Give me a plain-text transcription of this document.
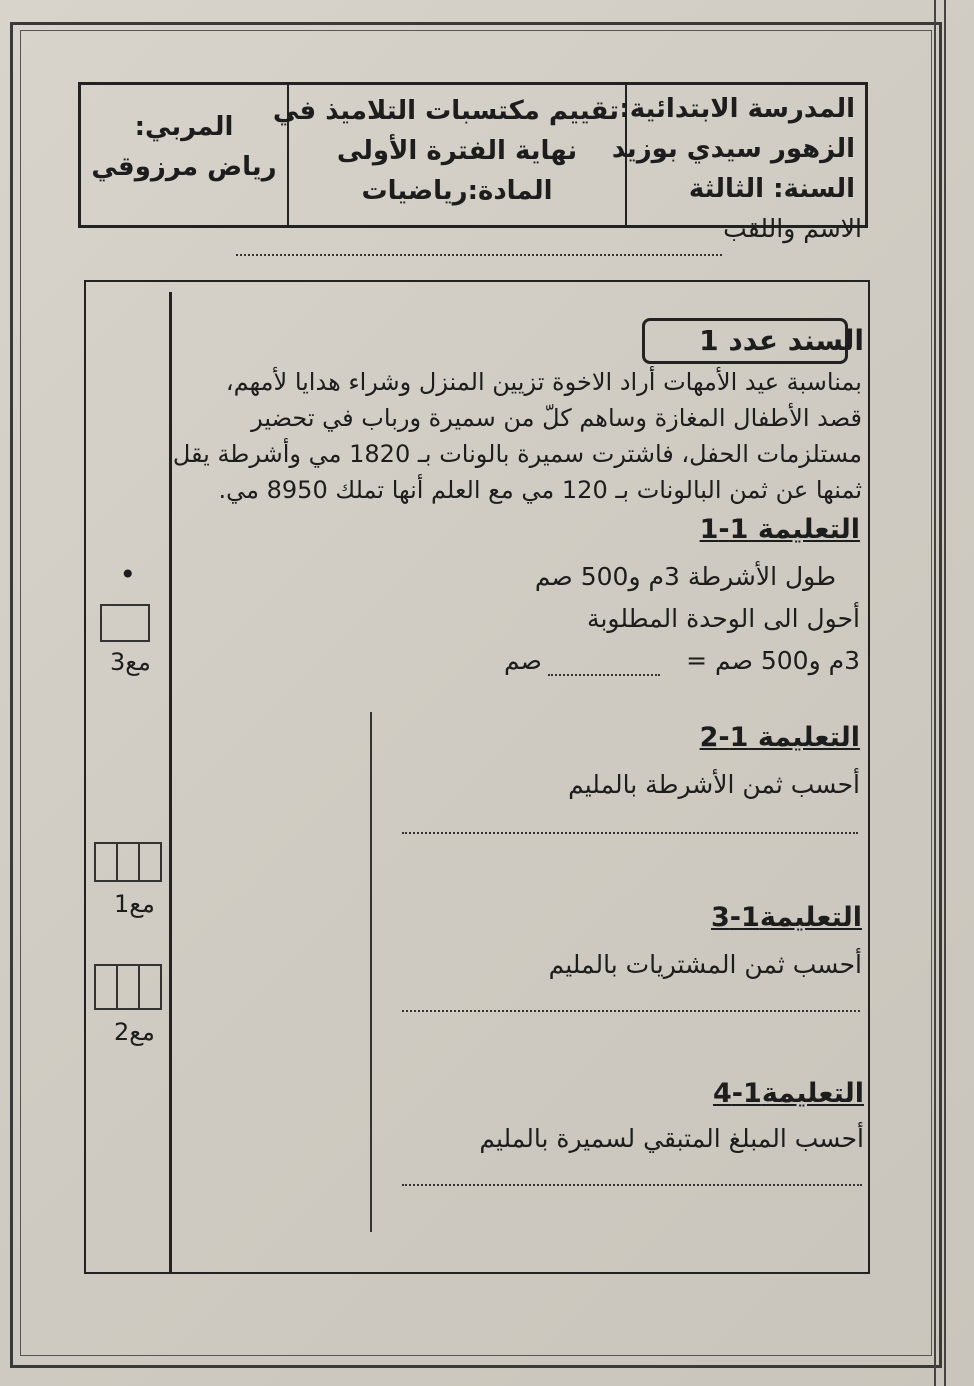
المدرسة الابتدائية:
الزهور سيدي بوزيد
السنة: الثالثة
تقييم مكتسبات التلاميذ في
نهاية الفترة الأولى
المادة:رياضيات
المربي:
رياض مرزوقي
الاسم واللقب
السند عدد 1
بمناسبة عيد الأمهات أراد الاخوة تزيين المنزل وشراء هدايا لأمهم،
قصد الأطفال المغازة وساهم كلّ من سميرة ورباب في تحضير
مستلزمات الحفل، فاشترت سميرة بالونات بـ 1820 مي وأشرطة يقل
ثمنها عن ثمن البالونات بـ 120 مي مع العلم أنها تملك 8950 مي.
التعليمة 1-1
طول الأشرطة 3م و500 صم
•
أحول الى الوحدة المطلوبة
3م و500 صم =
صم
التعليمة 1-2
أحسب ثمن الأشرطة بالمليم
التعليمة1-3
أحسب ثمن المشتريات بالمليم
التعليمة1-4
أحسب المبلغ المتبقي لسميرة بالمليم
مع3
مع1
مع2
